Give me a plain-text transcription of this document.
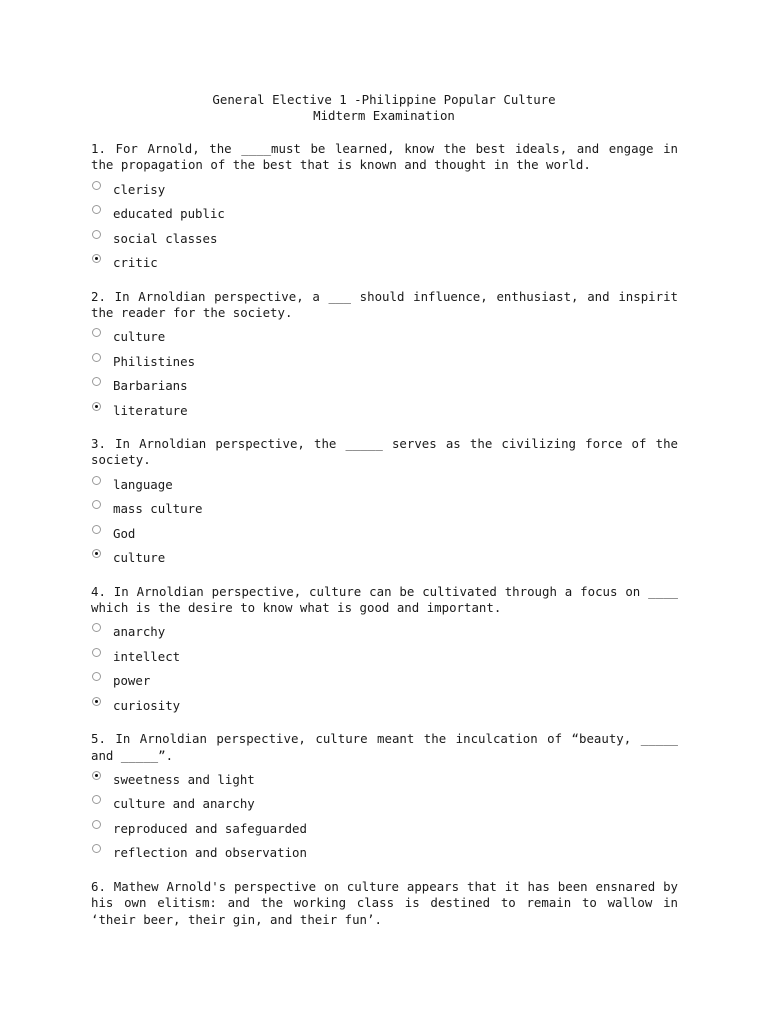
General Elective 1 -Philippine Popular Culture
Midterm Examination

1. For Arnold, the ____must be learned, know the best ideals, and engage in the propagation of the best that is known and thought in the world.

clerisy
educated public
social classes
critic

2. In Arnoldian perspective, a ___ should influence, enthusiast, and inspirit the reader for the society.

culture
Philistines
Barbarians
literature

3. In Arnoldian perspective, the _____ serves as the civilizing force of the society.

language
mass culture
God
culture

4. In Arnoldian perspective, culture can be cultivated through a focus on ____ which is the desire to know what is good and important.

anarchy
intellect
power
curiosity

5. In Arnoldian perspective, culture meant the inculcation of “beauty, _____ and _____”.

sweetness and light
culture and anarchy
reproduced and safeguarded
reflection and observation

6. Mathew Arnold's perspective on culture appears that it has been ensnared by his own elitism: and the working class is destined to remain to wallow in ‘their beer, their gin, and their fun’.
